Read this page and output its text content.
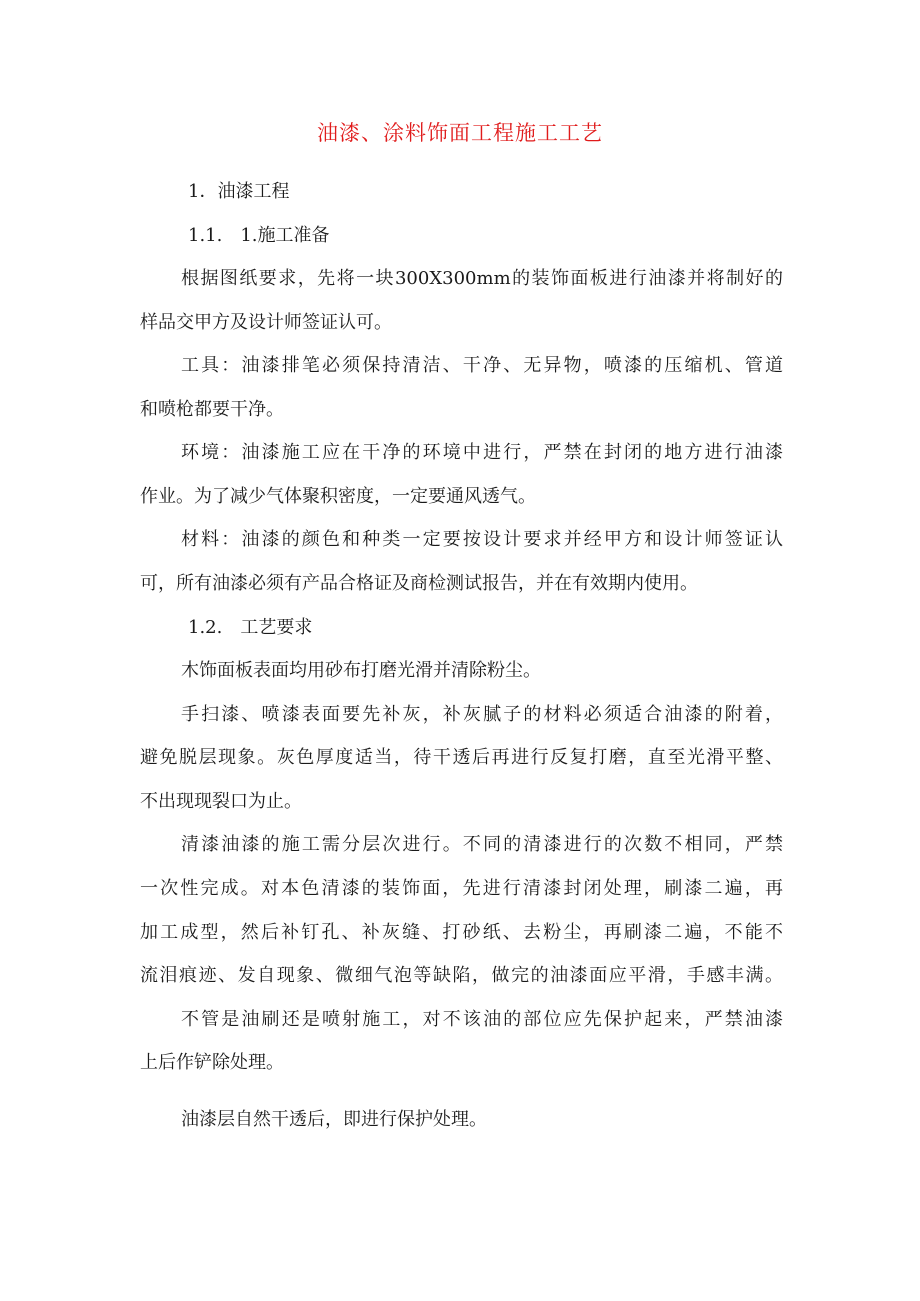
油漆、涂料饰面工程施工工艺

1．油漆工程

1.1.　1.施工准备

根据图纸要求，先将一块300X300mm的装饰面板进行油漆并将制好的

样品交甲方及设计师签证认可。

工具：油漆排笔必须保持清洁、干净、无异物，喷漆的压缩机、管道

和喷枪都要干净。

环境：油漆施工应在干净的环境中进行，严禁在封闭的地方进行油漆

作业。为了减少气体聚积密度，一定要通风透气。

材料：油漆的颜色和种类一定要按设计要求并经甲方和设计师签证认

可，所有油漆必须有产品合格证及商检测试报告，并在有效期内使用。

1.2.　工艺要求

木饰面板表面均用砂布打磨光滑并清除粉尘。

手扫漆、喷漆表面要先补灰，补灰腻子的材料必须适合油漆的附着，

避免脱层现象。灰色厚度适当，待干透后再进行反复打磨，直至光滑平整、

不出现现裂口为止。

清漆油漆的施工需分层次进行。不同的清漆进行的次数不相同，严禁

一次性完成。对本色清漆的装饰面，先进行清漆封闭处理，刷漆二遍，再

加工成型，然后补钉孔、补灰缝、打砂纸、去粉尘，再刷漆二遍，不能不

流泪痕迹、发自现象、微细气泡等缺陷，做完的油漆面应平滑，手感丰满。

不管是油刷还是喷射施工，对不该油的部位应先保护起来，严禁油漆

上后作铲除处理。

油漆层自然干透后，即进行保护处理。
